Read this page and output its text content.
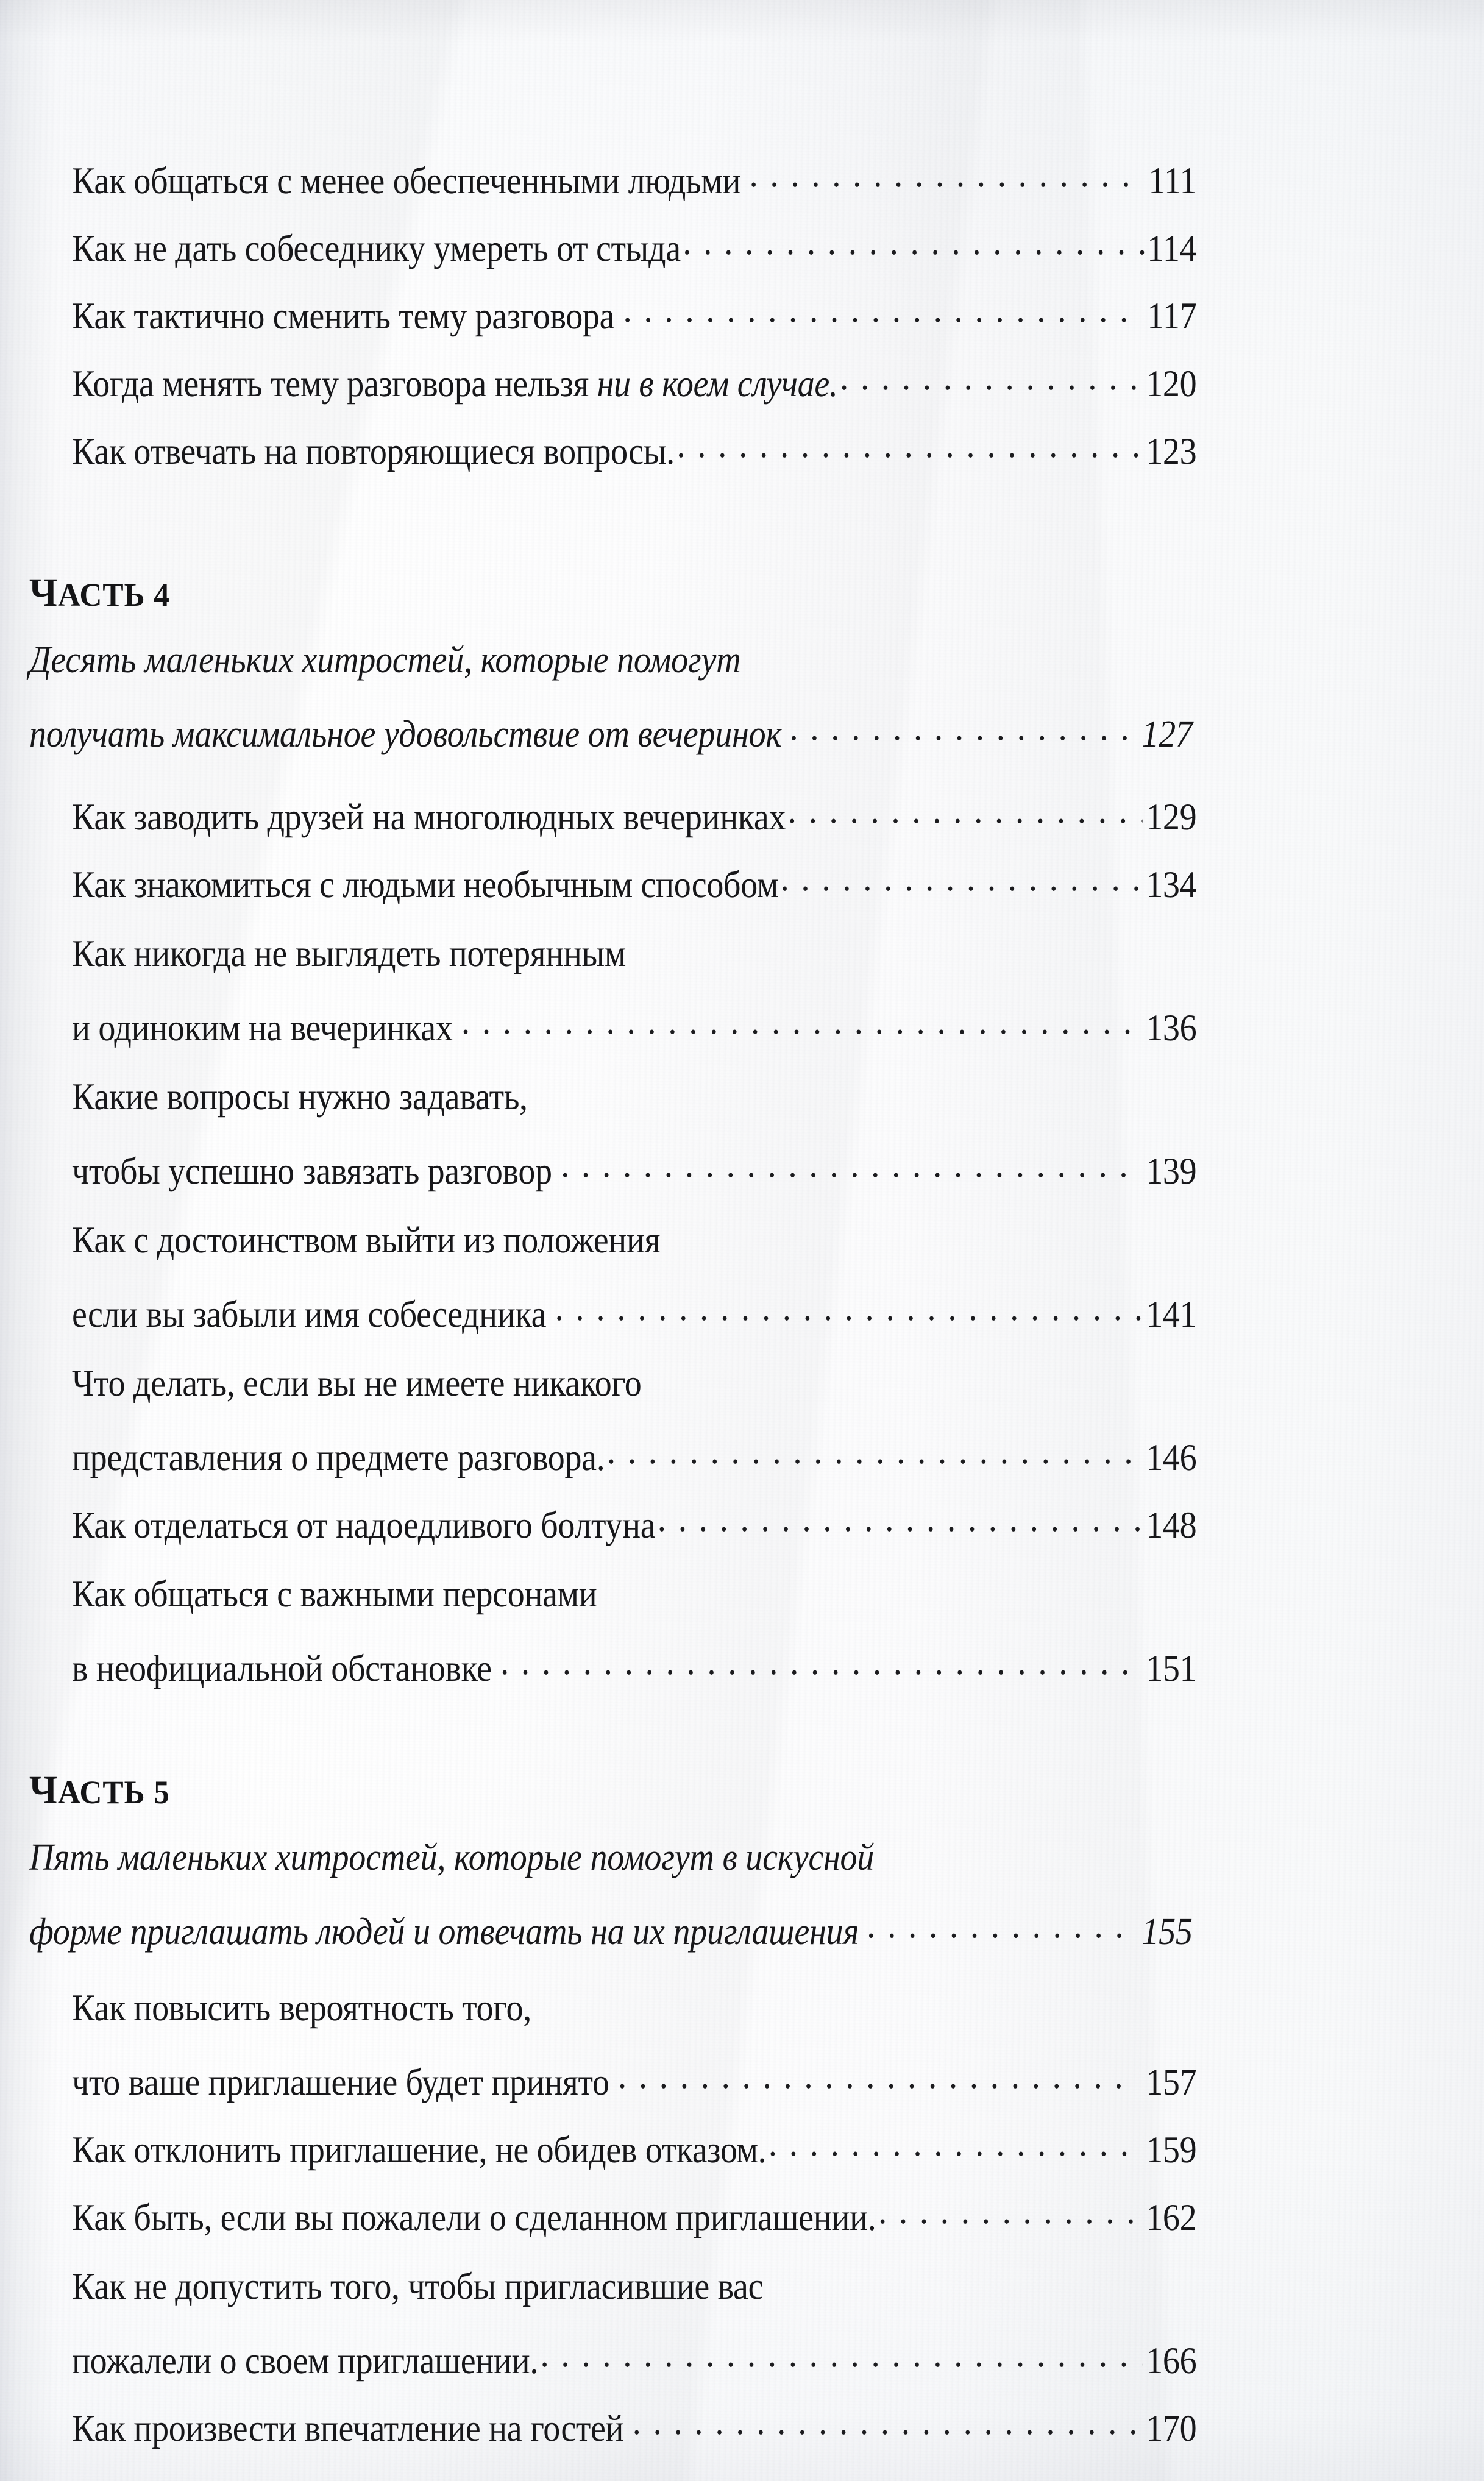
Как общаться с менее обеспеченными людьми .....	111
Как не дать собеседнику умереть от стыда .....	114
Как тактично сменить тему разговора .....	117
Когда менять тему разговора нельзя ни в коем случае. .....	120
Как отвечать на повторяющиеся вопросы. .....	123
ЧАСТЬ 4
Десять маленьких хитростей, которые помогут
получать максимальное удовольствие от вечеринок .....	127
Как заводить друзей на многолюдных вечеринках .....	129
Как знакомиться с людьми необычным способом .....	134
Как никогда не выглядеть потерянным
и одиноким на вечеринках .....	136
Какие вопросы нужно задавать,
чтобы успешно завязать разговор .....	139
Как с достоинством выйти из положения
если вы забыли имя собеседника .....	141
Что делать, если вы не имеете никакого
представления о предмете разговора. .....	146
Как отделаться от надоедливого болтуна .....	148
Как общаться с важными персонами
в неофициальной обстановке .....	151
ЧАСТЬ 5
Пять маленьких хитростей, которые помогут в искусной
форме приглашать людей и отвечать на их приглашения .....	155
Как повысить вероятность того,
что ваше приглашение будет принято .....	157
Как отклонить приглашение, не обидев отказом. .....	159
Как быть, если вы пожалели о сделанном приглашении. .....	162
Как не допустить того, чтобы пригласившие вас
пожалели о своем приглашении. .....	166
Как произвести впечатление на гостей .....	170
